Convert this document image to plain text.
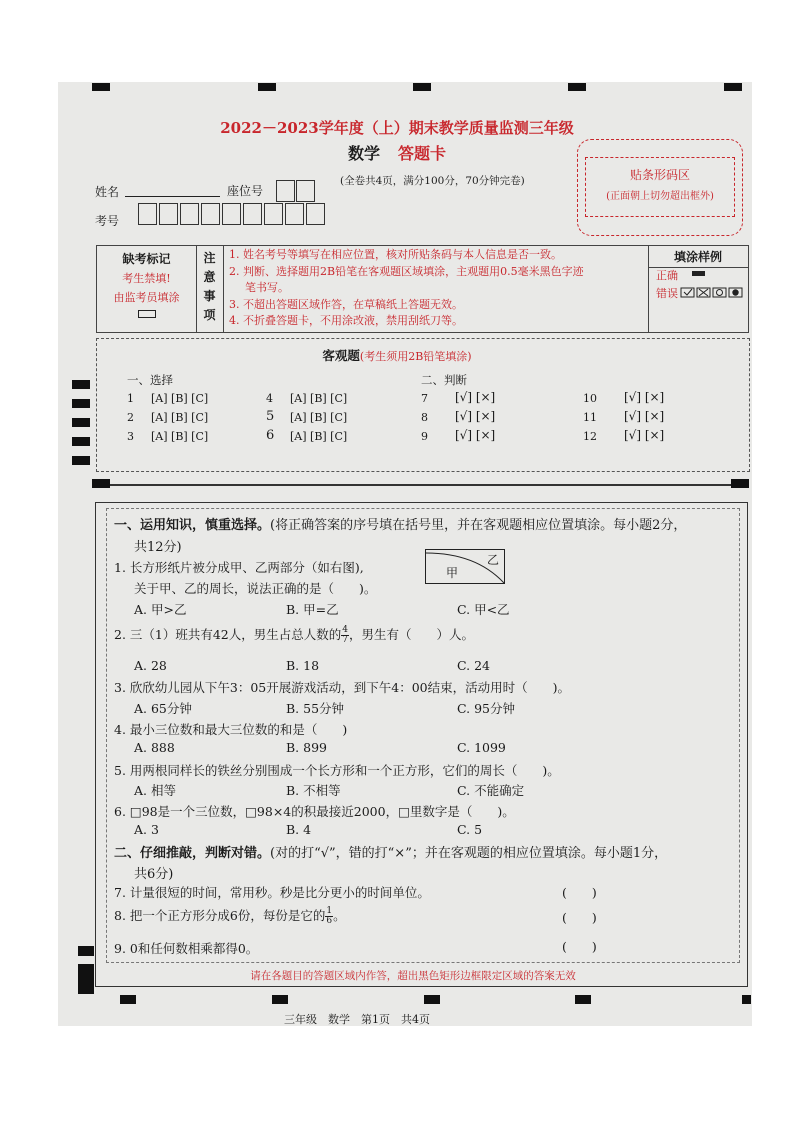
2022－2023学年度（上）期末教学质量监测三年级
数学 答题卡
姓名	座位号
(全卷共4页，满分100分，70分钟完卷)
考号
贴条形码区
(正面朝上切勿超出框外)
缺考标记
考生禁填!
由监考员填涂
注
意
事
项
1. 姓名考号等填写在相应位置，核对所贴条码与本人信息是否一致。
2. 判断、选择题用2B铅笔在客观题区域填涂，主观题用0.5毫米黑色字迹
笔书写。
3. 不超出答题区域作答，在草稿纸上答题无效。
4. 不折叠答题卡，不用涂改液，禁用刮纸刀等。
填涂样例
正确
错误
客观题(考生须用2B铅笔填涂)
一、选择	二、判断
1 [A] [B] [C]	4 [A] [B] [C]
2 [A] [B] [C]	5 [A] [B] [C]
3 [A] [B] [C]	6 [A] [B] [C]
7 [√] [×]	10 [√] [×]
8 [√] [×]	11 [√] [×]
9 [√] [×]	12 [√] [×]
一、运用知识，慎重选择。(将正确答案的序号填在括号里，并在客观题相应位置填涂。每小题2分，
共12分)
1. 长方形纸片被分成甲、乙两部分（如右图),
关于甲、乙的周长，说法正确的是（　　)。
甲
乙
A. 甲>乙	B. 甲=乙	C. 甲<乙
2. 三（1）班共有42人，男生占总人数的 $\frac{4}{7}$ ，男生有（　　）人。
A. 28	B. 18	C. 24
3. 欣欣幼儿园从下午3：05开展游戏活动，到下午4：00结束，活动用时（　　)。
A. 65分钟	B. 55分钟	C. 95分钟
4. 最小三位数和最大三位数的和是（　　)
A. 888	B. 899	C. 1099
5. 用两根同样长的铁丝分别围成一个长方形和一个正方形，它们的周长（　　)。
A. 相等	B. 不相等	C. 不能确定
6. □98是一个三位数，□98×4的积最接近2000，□里数字是（　　)。
A. 3	B. 4	C. 5
二、仔细推敲，判断对错。(对的打“√”，错的打“×”；并在客观题的相应位置填涂。每小题1分，
共6分)
7. 计量很短的时间，常用秒。秒是比分更小的时间单位。	(　　)
8. 把一个正方形分成6份，每份是它的 $\frac{1}{6}$ 。	(　　)
9. 0和任何数相乘都得0。	(　　)
请在各题目的答题区域内作答，超出黑色矩形边框限定区域的答案无效
三年级　数学　第1页　共4页
